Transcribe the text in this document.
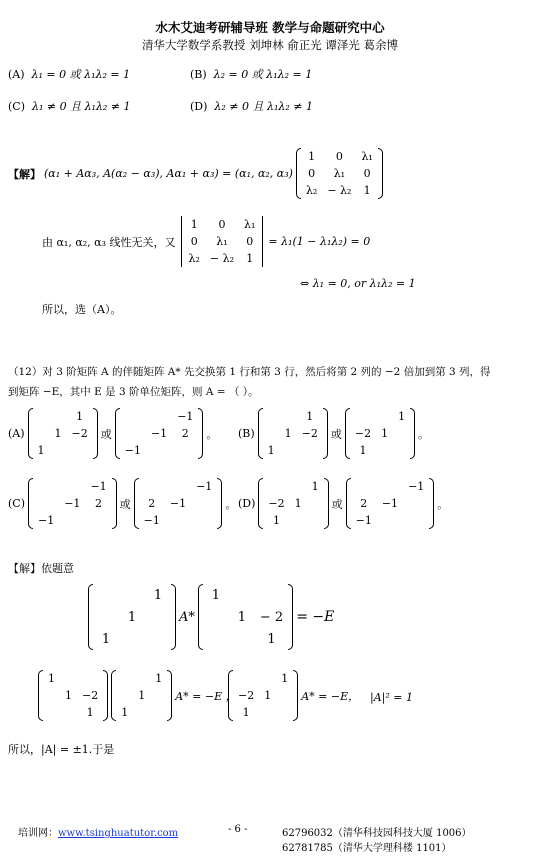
水木艾迪考研辅导班 教学与命题研究中心
清华大学数学系教授 刘坤林 俞正光 谭泽光 葛余博
(A) λ₁ = 0 或 λ₁λ₂ = 1	(B) λ₂ = 0 或 λ₁λ₂ = 1
(C) λ₁ ≠ 0 且 λ₁λ₂ ≠ 1	(D) λ₂ ≠ 0 且 λ₁λ₂ ≠ 1
【解】 (α₁ + Aα₃, A(α₂ − α₃), Aα₁ + α₃) = (α₁, α₂, α₃)
1	0	λ₁
0	λ₁	0
λ₂	− λ₂	1
由 α₁, α₂, α₃ 线性无关，又
1	0	λ₁
0	λ₁	0
λ₂	− λ₂	1
= λ₁(1 − λ₁λ₂) = 0
⇔ λ₁ = 0, or λ₁λ₂ = 1
所以，选（A）。
（12）对 3 阶矩阵 A 的伴随矩阵 A* 先交换第 1 行和第 3 行，然后将第 2 列的 −2 倍加到第 3 列，得
到矩阵 −E，其中 E 是 3 阶单位矩阵，则 A = （ ）。
(A)
		1
	1	−2
1		
或
		−1
	−1	2
−1		
。 (B)
		1
	1	−2
1		
或
		1
−2	1	
1		
。
(C)
		−1
	−1	2
−1		
或
		−1
2	−1	
−1		
。 (D)
		1
−2	1	
1		
或
		−1
2	−1	
−1		
。
【解】依题意
		1
	1	
1		
A*
1		
	1	− 2
		1
= −E
1		
	1	−2
		1
		1
	1	
1		
A* = −E ，
		1
−2	1	
1		
A* = −E， |A|² = 1
所以，|A| = ±1.于是
培训网：www.tsinghuatutor.com	- 6 -	62796032（清华科技园科技大厦 1006）
62781785（清华大学理科楼 1101）
